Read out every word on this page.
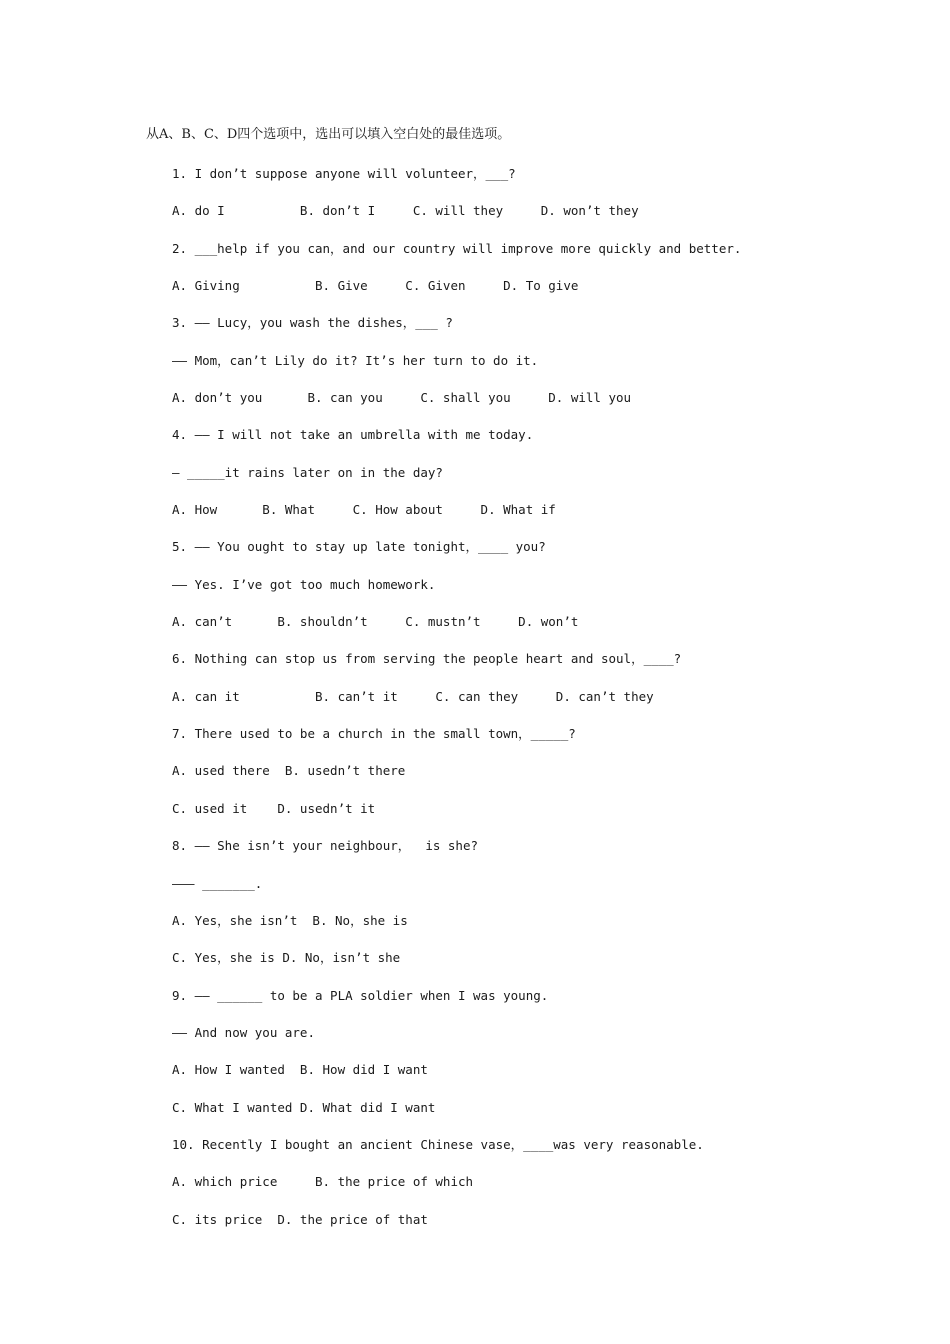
从A、B、C、D四个选项中，选出可以填入空白处的最佳选项。
1. I don’t suppose anyone will volunteer，___?
A. do I          B. don’t I     C. will they     D. won’t they
2. ___help if you can，and our country will improve more quickly and better.
A. Giving          B. Give     C. Given     D. To give
3. —— Lucy，you wash the dishes，___ ?
—— Mom，can’t Lily do it? It’s her turn to do it.
A. don’t you      B. can you     C. shall you     D. will you
4. —— I will not take an umbrella with me today.
— _____it rains later on in the day?
A. How      B. What     C. How about     D. What if
5. —— You ought to stay up late tonight，____ you?
—— Yes. I’ve got too much homework.
A. can’t      B. shouldn’t     C. mustn’t     D. won’t
6. Nothing can stop us from serving the people heart and soul，____?
A. can it          B. can’t it     C. can they     D. can’t they
7. There used to be a church in the small town，_____?
A. used there  B. usedn’t there
C. used it    D. usedn’t it
8. —— She isn’t your neighbour，  is she?
——— _______.
A. Yes，she isn’t  B. No，she is
C. Yes，she is D. No，isn’t she
9. —— ______ to be a PLA soldier when I was young.
—— And now you are.
A. How I wanted  B. How did I want
C. What I wanted D. What did I want
10. Recently I bought an ancient Chinese vase，____was very reasonable.
A. which price     B. the price of which
C. its price  D. the price of that
